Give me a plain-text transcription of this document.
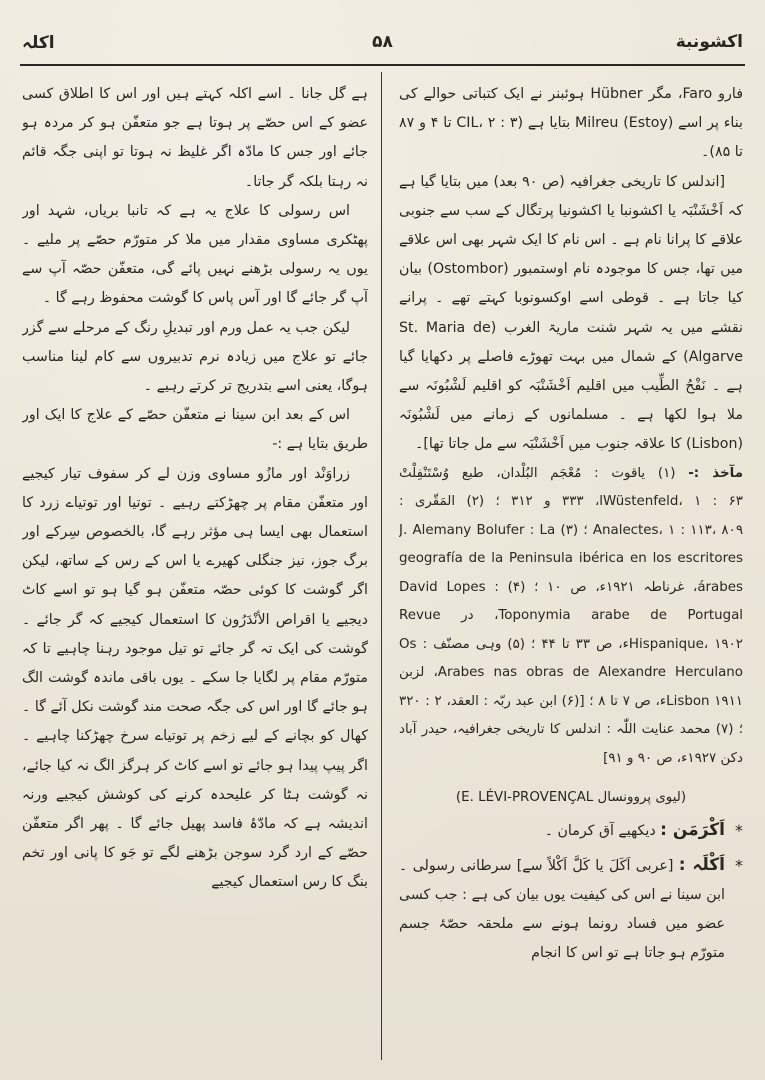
اکشونبة
۵۸
اکلہ

فارو Faro، مگر Hübner ہوئبنر نے ایک کتباتی حوالے کی بناء پر اسے Milreu (Estoy) بتایا ہے (CIL، ۲ : ۳ تا ۴ و ۸۷ تا ۸۵)۔

[اندلس کا تاریخی جغرافیہ (ص ۹۰ بعد) میں بتایا گیا ہے کہ اَخْشَنْبَہ یا اکشونبا یا اکشونیا پرتگال کے سب سے جنوبی علاقے کا پرانا نام ہے ۔ اس نام کا ایک شہر بھی اس علاقے میں تھا، جس کا موجودہ نام اوستمبور (Ostombor) بیان کیا جاتا ہے ۔ قوطی اسے اوکسونوبا کہتے تھے ۔ پرانے نقشے میں یہ شہر شنت ماریۃ الغرب (St. Maria de Algarve) کے شمال میں بہت تھوڑے فاصلے پر دکھایا گیا ہے ۔ نَفْحُ الطِّیب میں اقلیم اَخْشَنْبَہ کو اقلیم لَشْبُونَہ سے ملا ہوا لکھا ہے ۔ مسلمانوں کے زمانے میں لَشْبُونَہ (Lisbon) کا علاقہ جنوب میں اَخْشَنْبَہ سے مل جاتا تھا]۔

مآخذ :- (۱) یاقوت : مُعْجَم البُلْدان، طبع وُسْتَنْفِلْتْ Wüstenfeld، ۱ : ۶۳ا، ۳۳۳ و ۳۱۲ ؛ (۲) المَقّری : Analectes، ۱ : ۱۱۳، ۸۰۹ ؛ (۳) J. Alemany Bolufer : La geografía de la Peninsula ibérica en los escritores árabes، غرناطہ ۱۹۲۱ء، ص ۱۰ ؛ (۴) David Lopes : Toponymia arabe de Portugal، در Revue Hispanique، ۱۹۰۲ء، ص ۳۳ تا ۴۴ ؛ (۵) وہی مصنّف : Os Arabes nas obras de Alexandre Herculano، لزبن Lisbon ۱۹۱۱ء، ص ۷ تا ۸ ؛ [(۶) ابن عبد ربّہ : العقد، ۲ : ۳۲۰ ؛ (۷) محمد عنایت اللّٰہ : اندلس کا تاریخی جغرافیہ، حیدر آباد دکن ۱۹۲۷ء، ص ۹۰ و ۹۱]

(لیوی پروونسال E. LÉVI-PROVENÇAL)

*
اَکْرَمَن : دیکھیے آق کرمان ۔

*
اَکْلَہ : [عربی اَکَلَ یا کَلَّ اَکْلاً سے] سرطانی رسولی ۔ ابن سینا نے اس کی کیفیت یوں بیان کی ہے : جب کسی عضو میں فساد رونما ہونے سے ملحقہ حصّۂ جسم متورّم ہو جاتا ہے تو اس کا انجام

ہے گل جانا ۔ اسے اکلہ کہتے ہیں اور اس کا اطلاق کسی عضو کے اس حصّے پر ہوتا ہے جو متعفّن ہو کر مردہ ہو جائے اور جس کا مادّہ اگر غلیظ نہ ہوتا تو اپنی جگہ قائم نہ رہتا بلکہ گر جاتا۔

اس رسولی کا علاج یہ ہے کہ تانبا بریاں، شہد اور پھٹکری مساوی مقدار میں ملا کر متورّم حصّے پر ملیے ۔ یوں یہ رسولی بڑھنے نہیں پائے گی، متعفّن حصّہ آپ سے آپ گر جائے گا اور آس پاس کا گوشت محفوظ رہے گا ۔

لیکن جب یہ عمل ورم اور تبدیلِ رنگ کے مرحلے سے گزر جائے تو علاج میں زیادہ نرم تدبیروں سے کام لینا مناسب ہوگا، یعنی اسے بتدریج تر کرتے رہیے ۔

اس کے بعد ابن سینا نے متعفّن حصّے کے علاج کا ایک اور طریق بتایا ہے :-

زراوَنْد اور مازُو مساوی وزن لے کر سفوف تیار کیجیے اور متعفّن مقام پر چھڑکتے رہیے ۔ توتیا اور توتیاے زرد کا استعمال بھی ایسا ہی مؤثر رہے گا، بالخصوص سِرکے اور برگ جوز، نیز جنگلی کھیرے یا اس کے رس کے ساتھ، لیکن اگر گوشت کا کوئی حصّہ متعفّن ہو گیا ہو تو اسے کاٹ دیجیے یا اقراص الأنْدَرُون کا استعمال کیجیے کہ گر جائے ۔ گوشت کی ایک تہ گر جائے تو تیل موجود رہنا چاہیے تا کہ متورّم مقام پر لگایا جا سکے ۔ یوں باقی ماندہ گوشت الگ ہو جائے گا اور اس کی جگہ صحت مند گوشت نکل آئے گا ۔ کھال کو بچانے کے لیے زخم پر توتیاے سرخ چھڑکنا چاہیے ۔ اگر پیپ پیدا ہو جائے تو اسے کاٹ کر ہرگز الگ نہ کیا جائے، نہ گوشت ہٹا کر علیحدہ کرنے کی کوشش کیجیے ورنہ اندیشہ ہے کہ مادّۂ فاسد پھیل جائے گا ۔ پھر اگر متعفّن حصّے کے ارد گرد سوجن بڑھنے لگے تو جَو کا پانی اور تخم بنگ کا رس استعمال کیجیے
